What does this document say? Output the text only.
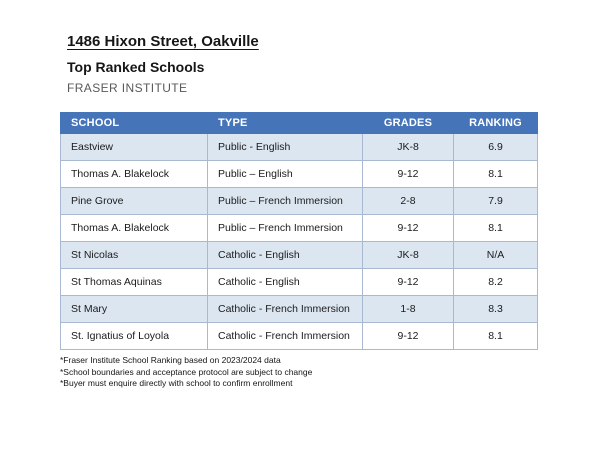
1486 Hixon Street, Oakville
Top Ranked Schools
FRASER INSTITUTE
SCHOOL	TYPE	GRADES	RANKING
Eastview	Public - English	JK-8	6.9
Thomas A. Blakelock	Public – English	9-12	8.1
Pine Grove	Public – French Immersion	2-8	7.9
Thomas A. Blakelock	Public – French Immersion	9-12	8.1
St Nicolas	Catholic - English	JK-8	N/A
St Thomas Aquinas	Catholic - English	9-12	8.2
St Mary	Catholic - French Immersion	1-8	8.3
St. Ignatius of Loyola	Catholic - French Immersion	9-12	8.1
*Fraser Institute School Ranking based on 2023/2024 data
*School boundaries and acceptance protocol are subject to change
*Buyer must enquire directly with school to confirm enrollment
